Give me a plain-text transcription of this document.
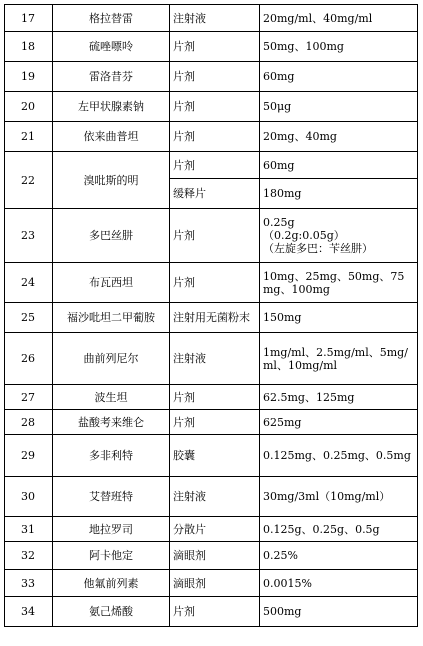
17	格拉替雷	注射液	20mg/ml、40mg/ml
18	硫唑嘌呤	片剂	50mg、100mg
19	雷洛昔芬	片剂	60mg
20	左甲状腺素钠	片剂	50μg
21	依来曲普坦	片剂	20mg、40mg
22	溴吡斯的明	片剂	60mg
		缓释片	180mg
23	多巴丝肼	片剂	0.25g
（0.2g:0.05g）
（左旋多巴：苄丝肼）

24	布瓦西坦	片剂	10mg、25mg、50mg、75mg、100mg
25	福沙吡坦二甲葡胺	注射用无菌粉末	150mg
26	曲前列尼尔	注射液	1mg/ml、2.5mg/ml、5mg/ml、10mg/ml
27	波生坦	片剂	62.5mg、125mg
28	盐酸考来维仑	片剂	625mg
29	多非利特	胶囊	0.125mg、0.25mg、0.5mg
30	艾替班特	注射液	30mg/3ml（10mg/ml）
31	地拉罗司	分散片	0.125g、0.25g、0.5g
32	阿卡他定	滴眼剂	0.25%
33	他氟前列素	滴眼剂	0.0015%
34	氨己烯酸	片剂	500mg
